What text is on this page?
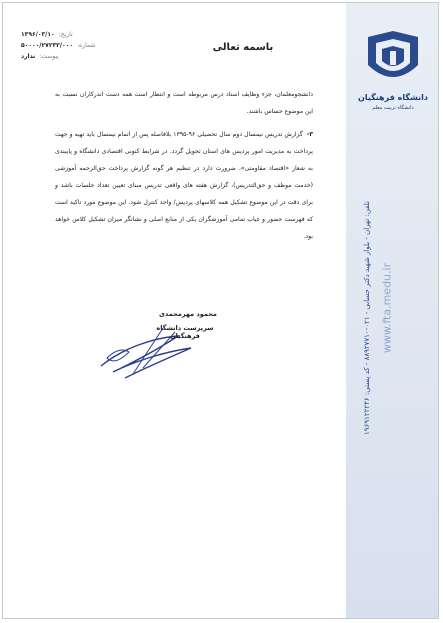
دانشگاه فرهنگیان
دانشگاه تربیت معلم
تلفن: تهران - بلوار شهید دکتر حسابی - ۰۲۱-۸۸۹۲۷۷۱۰ - کد پستی: ۱۹۶۹۱۲۲۲۴۶ www.fta.medu.ir
تاریخ:
۱۳۹۶/۰۳/۱۰
شماره:
۵۰۰۰۰/۲۷۲۳۳/۰۰۰
پیوست:
ندارد
باسمه تعالی

دانشجومعلمان، جزء وظایف استاد درس مربوطه است و انتظار است همه دست اندرکاران نسبت به این موضوع حساس باشند.

۳-گزارش تدریس نیمسال دوم سال تحصیلی ۹۶-۱۳۹۵ بلافاصله پس از اتمام نیمسال باید تهیه و جهت پرداخت به مدیریت امور پردیس های استان تحویل گردد. در شرایط کنونی اقتصادی دانشگاه و پایبندی به شعار «اقتصاد مقاومتی»، ضرورت دارد در تنظیم هر گونه گزارش پرداخت حق‌الزحمه آموزشی (خدمت موظف و حق‌التدریس)، گزارش هفته های واقعی تدریس مبنای تعیین تعداد جلسات باشد و برای دقت در این موضوع تشکیل همه کلاسهای پردیس/ واحد کنترل شود. این موضوع مورد تاکید است که فهرست حضور و غیاب تمامی آموزشگران یکی از منابع اصلی و نشانگر میزان تشکیل کلاس خواهد بود.

محمود مهرمحمدی
سرپرست دانشگاه فرهنگیان
